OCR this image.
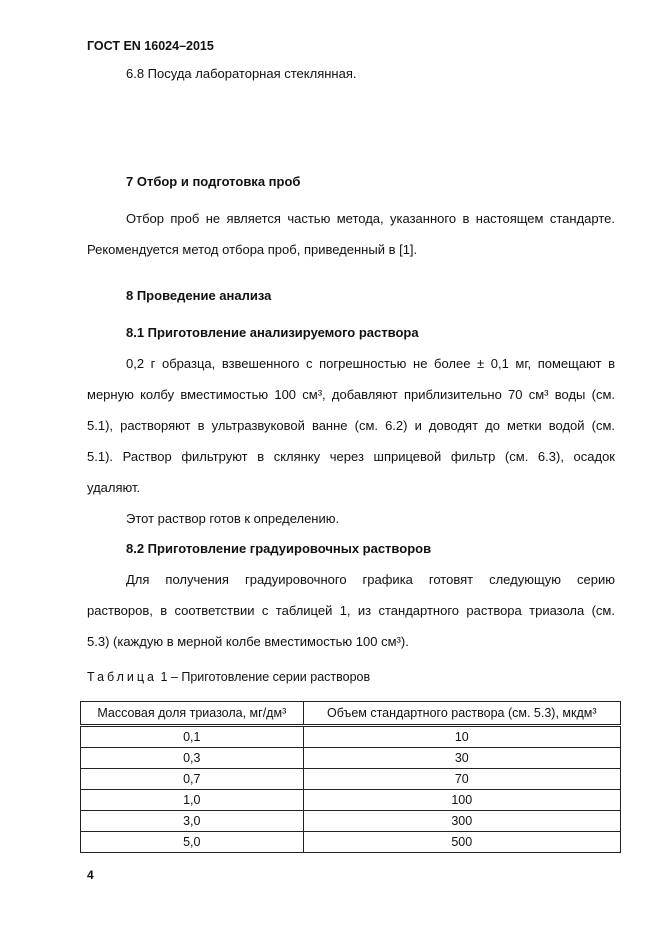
ГОСТ EN 16024–2015
6.8 Посуда лабораторная стеклянная.
7 Отбор и подготовка проб
Отбор проб не является частью метода, указанного в настоящем стандарте.
Рекомендуется метод отбора проб, приведенный в [1].
8 Проведение анализа
8.1 Приготовление анализируемого раствора
0,2 г образца, взвешенного с погрешностью не более ± 0,1 мг, помещают в
мерную колбу вместимостью 100 см³, добавляют приблизительно 70 см³ воды (см.
5.1), растворяют в ультразвуковой ванне (см. 6.2) и доводят до метки водой (см.
5.1). Раствор фильтруют в склянку через шприцевой фильтр (см. 6.3), осадок
удаляют.
Этот раствор готов к определению.
8.2 Приготовление градуировочных растворов
Для получения градуировочного графика готовят следующую серию
растворов, в соответствии с таблицей 1, из стандартного раствора триазола (см.
5.3) (каждую в мерной колбе вместимостью 100 см³).
Таблица 1 – Приготовление серии растворов
Массовая доля триазола, мг/дм³	Объем стандартного раствора (см. 5.3), мкдм³
0,1	10
0,3	30
0,7	70
1,0	100
3,0	300
5,0	500
4
